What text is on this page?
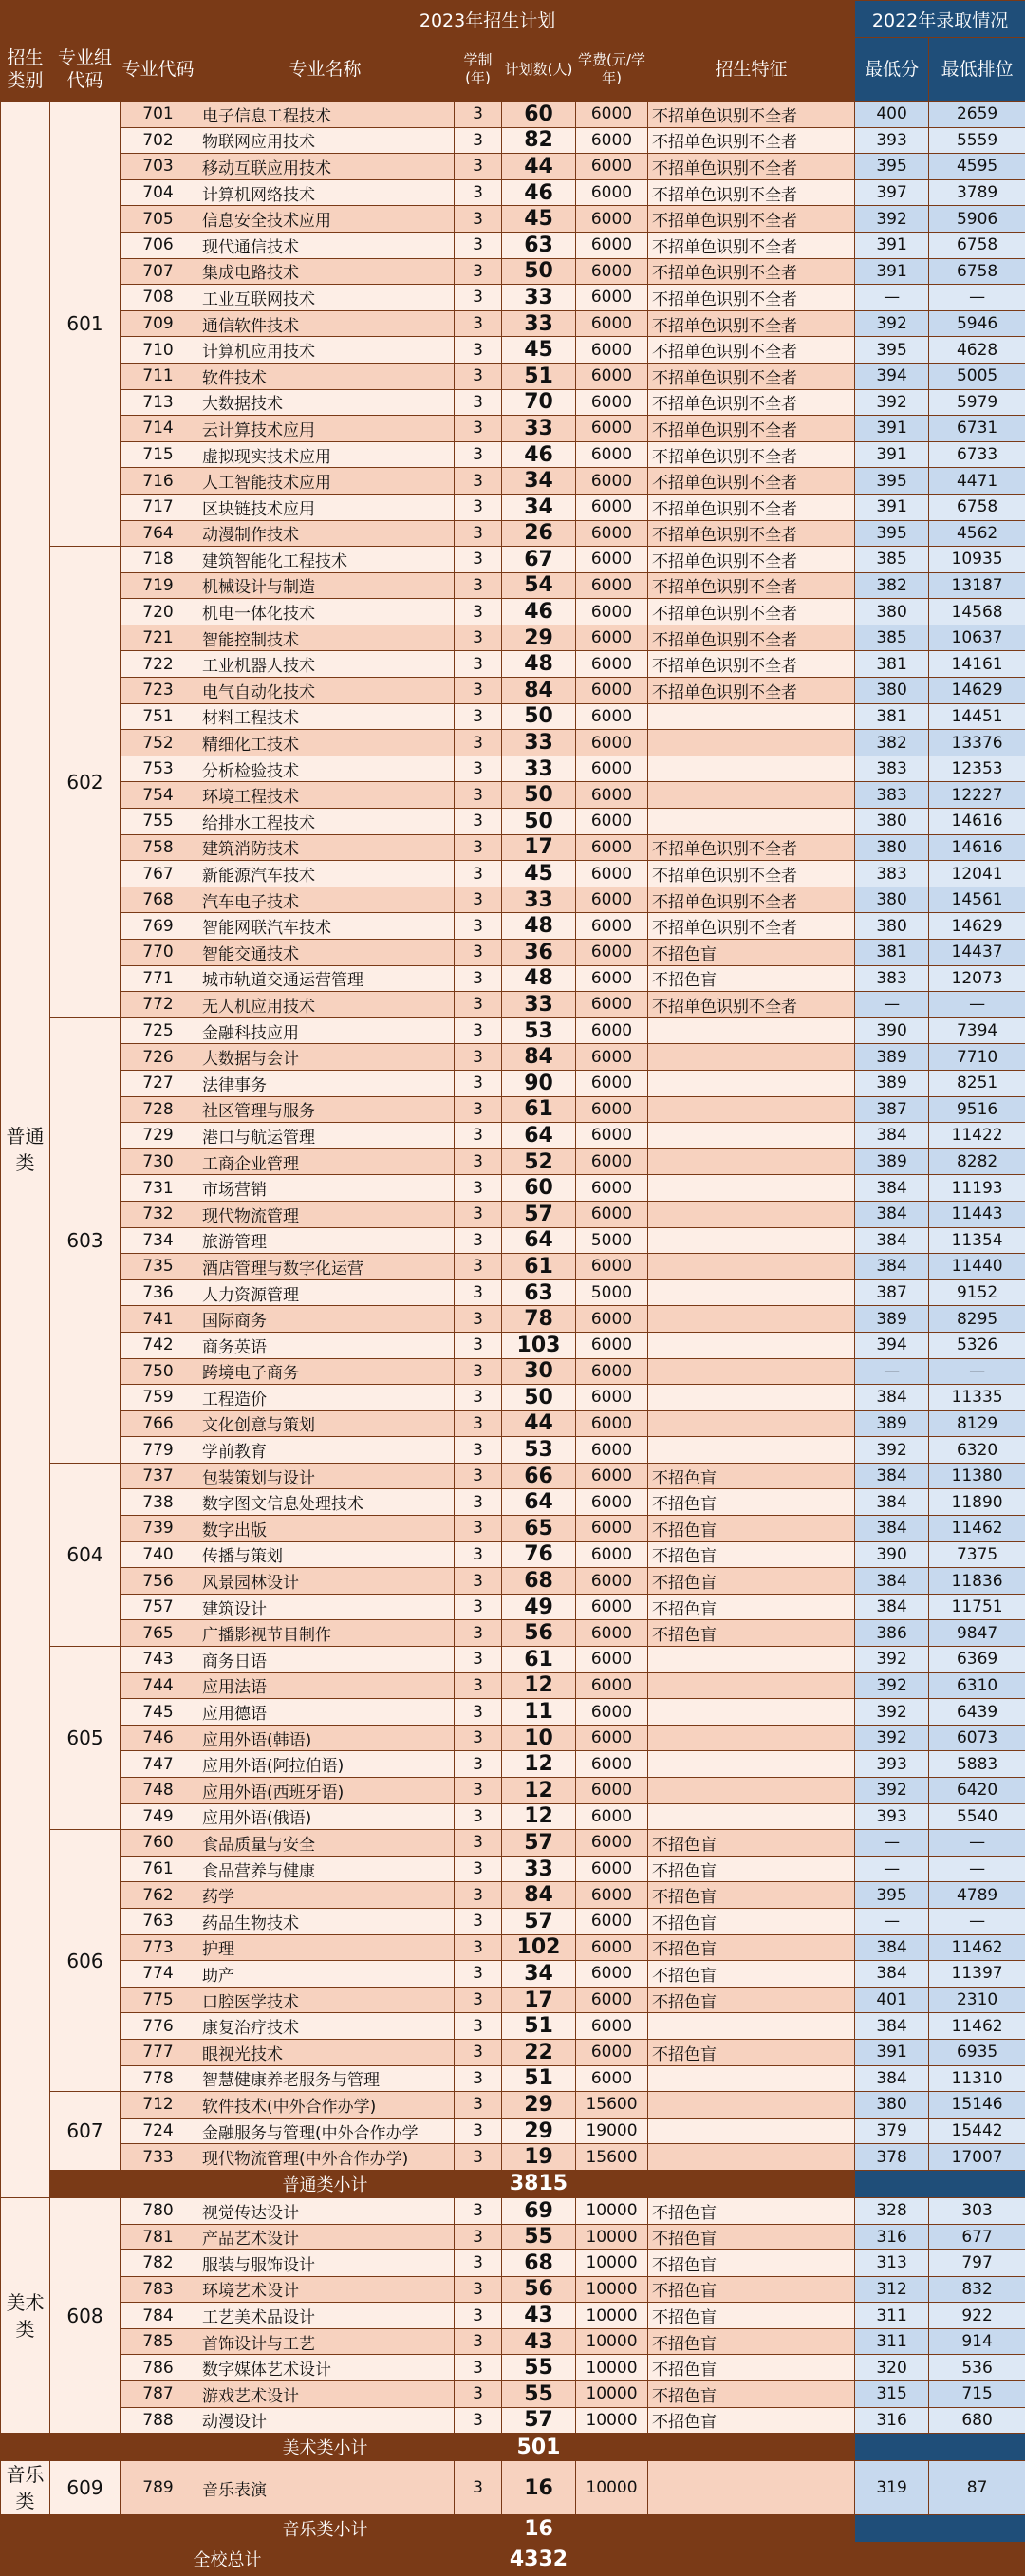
		2023年招生计划						2022年录取情况	
招生类别	专业组代码	专业代码	专业名称	学制(年)	计划数(人)	学费(元/学年)	招生特征	最低分	最低排位
普通类	601	701	电子信息工程技术	3	60	6000	不招单色识别不全者	400	2659
		702	物联网应用技术	3	82	6000	不招单色识别不全者	393	5559
		703	移动互联应用技术	3	44	6000	不招单色识别不全者	395	4595
		704	计算机网络技术	3	46	6000	不招单色识别不全者	397	3789
		705	信息安全技术应用	3	45	6000	不招单色识别不全者	392	5906
		706	现代通信技术	3	63	6000	不招单色识别不全者	391	6758
		707	集成电路技术	3	50	6000	不招单色识别不全者	391	6758
		708	工业互联网技术	3	33	6000	不招单色识别不全者	—	—
		709	通信软件技术	3	33	6000	不招单色识别不全者	392	5946
		710	计算机应用技术	3	45	6000	不招单色识别不全者	395	4628
		711	软件技术	3	51	6000	不招单色识别不全者	394	5005
		713	大数据技术	3	70	6000	不招单色识别不全者	392	5979
		714	云计算技术应用	3	33	6000	不招单色识别不全者	391	6731
		715	虚拟现实技术应用	3	46	6000	不招单色识别不全者	391	6733
		716	人工智能技术应用	3	34	6000	不招单色识别不全者	395	4471
		717	区块链技术应用	3	34	6000	不招单色识别不全者	391	6758
		764	动漫制作技术	3	26	6000	不招单色识别不全者	395	4562
	602	718	建筑智能化工程技术	3	67	6000	不招单色识别不全者	385	10935
		719	机械设计与制造	3	54	6000	不招单色识别不全者	382	13187
		720	机电一体化技术	3	46	6000	不招单色识别不全者	380	14568
		721	智能控制技术	3	29	6000	不招单色识别不全者	385	10637
		722	工业机器人技术	3	48	6000	不招单色识别不全者	381	14161
		723	电气自动化技术	3	84	6000	不招单色识别不全者	380	14629
		751	材料工程技术	3	50	6000		381	14451
		752	精细化工技术	3	33	6000		382	13376
		753	分析检验技术	3	33	6000		383	12353
		754	环境工程技术	3	50	6000		383	12227
		755	给排水工程技术	3	50	6000		380	14616
		758	建筑消防技术	3	17	6000	不招单色识别不全者	380	14616
		767	新能源汽车技术	3	45	6000	不招单色识别不全者	383	12041
		768	汽车电子技术	3	33	6000	不招单色识别不全者	380	14561
		769	智能网联汽车技术	3	48	6000	不招单色识别不全者	380	14629
		770	智能交通技术	3	36	6000	不招色盲	381	14437
		771	城市轨道交通运营管理	3	48	6000	不招色盲	383	12073
		772	无人机应用技术	3	33	6000	不招单色识别不全者	—	—
	603	725	金融科技应用	3	53	6000		390	7394
		726	大数据与会计	3	84	6000		389	7710
		727	法律事务	3	90	6000		389	8251
		728	社区管理与服务	3	61	6000		387	9516
		729	港口与航运管理	3	64	6000		384	11422
		730	工商企业管理	3	52	6000		389	8282
		731	市场营销	3	60	6000		384	11193
		732	现代物流管理	3	57	6000		384	11443
		734	旅游管理	3	64	5000		384	11354
		735	酒店管理与数字化运营	3	61	6000		384	11440
		736	人力资源管理	3	63	5000		387	9152
		741	国际商务	3	78	6000		389	8295
		742	商务英语	3	103	6000		394	5326
		750	跨境电子商务	3	30	6000		—	—
		759	工程造价	3	50	6000		384	11335
		766	文化创意与策划	3	44	6000		389	8129
		779	学前教育	3	53	6000		392	6320
	604	737	包装策划与设计	3	66	6000	不招色盲	384	11380
		738	数字图文信息处理技术	3	64	6000	不招色盲	384	11890
		739	数字出版	3	65	6000	不招色盲	384	11462
		740	传播与策划	3	76	6000	不招色盲	390	7375
		756	风景园林设计	3	68	6000	不招色盲	384	11836
		757	建筑设计	3	49	6000	不招色盲	384	11751
		765	广播影视节目制作	3	56	6000	不招色盲	386	9847
	605	743	商务日语	3	61	6000		392	6369
		744	应用法语	3	12	6000		392	6310
		745	应用德语	3	11	6000		392	6439
		746	应用外语(韩语)	3	10	6000		392	6073
		747	应用外语(阿拉伯语)	3	12	6000		393	5883
		748	应用外语(西班牙语)	3	12	6000		392	6420
		749	应用外语(俄语)	3	12	6000		393	5540
	606	760	食品质量与安全	3	57	6000	不招色盲	—	—
		761	食品营养与健康	3	33	6000	不招色盲	—	—
		762	药学	3	84	6000	不招色盲	395	4789
		763	药品生物技术	3	57	6000	不招色盲	—	—
		773	护理	3	102	6000	不招色盲	384	11462
		774	助产	3	34	6000	不招色盲	384	11397
		775	口腔医学技术	3	17	6000	不招色盲	401	2310
		776	康复治疗技术	3	51	6000		384	11462
		777	眼视光技术	3	22	6000	不招色盲	391	6935
		778	智慧健康养老服务与管理	3	51	6000		384	11310
	607	712	软件技术(中外合作办学)	3	29	15600		380	15146
		724	金融服务与管理(中外合作办学	3	29	19000		379	15442
		733	现代物流管理(中外合作办学)	3	19	15600		378	17007
			普通类小计		3815				
美术类	608	780	视觉传达设计	3	69	10000	不招色盲	328	303
		781	产品艺术设计	3	55	10000	不招色盲	316	677
		782	服装与服饰设计	3	68	10000	不招色盲	313	797
		783	环境艺术设计	3	56	10000	不招色盲	312	832
		784	工艺美术品设计	3	43	10000	不招色盲	311	922
		785	首饰设计与工艺	3	43	10000	不招色盲	311	914
		786	数字媒体艺术设计	3	55	10000	不招色盲	320	536
		787	游戏艺术设计	3	55	10000	不招色盲	315	715
		788	动漫设计	3	57	10000	不招色盲	316	680
			美术类小计		501				
音乐类	609	789	音乐表演	3	16	10000		319	87
			音乐类小计		16				
全校总计					4332				
